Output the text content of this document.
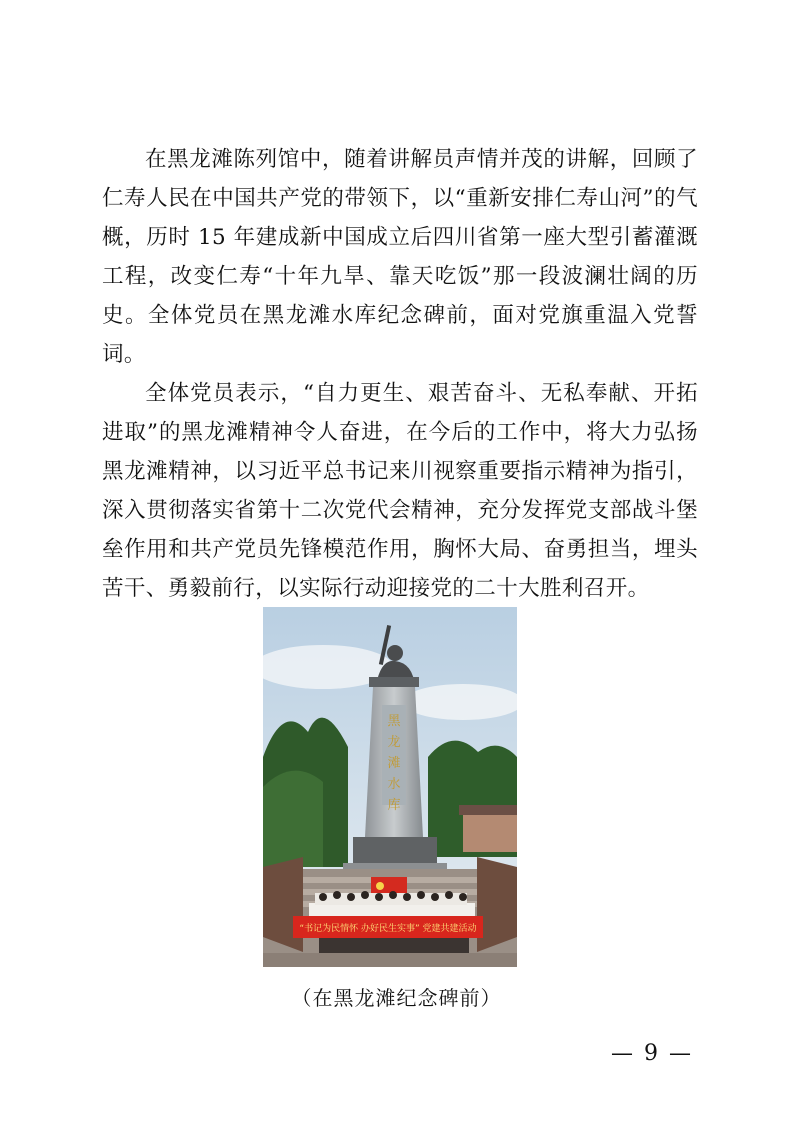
在黑龙滩陈列馆中，随着讲解员声情并茂的讲解，回顾了仁寿人民在中国共产党的带领下，以“重新安排仁寿山河”的气概，历时 15 年建成新中国成立后四川省第一座大型引蓄灌溉工程，改变仁寿“十年九旱、靠天吃饭”那一段波澜壮阔的历史。全体党员在黑龙滩水库纪念碑前，面对党旗重温入党誓词。

全体党员表示，“自力更生、艰苦奋斗、无私奉献、开拓进取”的黑龙滩精神令人奋进，在今后的工作中，将大力弘扬黑龙滩精神，以习近平总书记来川视察重要指示精神为指引，深入贯彻落实省第十二次党代会精神，充分发挥党支部战斗堡垒作用和共产党员先锋模范作用，胸怀大局、奋勇担当，埋头苦干、勇毅前行，以实际行动迎接党的二十大胜利召开。

黑
龙
滩
水
库
“书记为民情怀 办好民生实事” 党建共建活动
（在黑龙滩纪念碑前）
— 9 —
